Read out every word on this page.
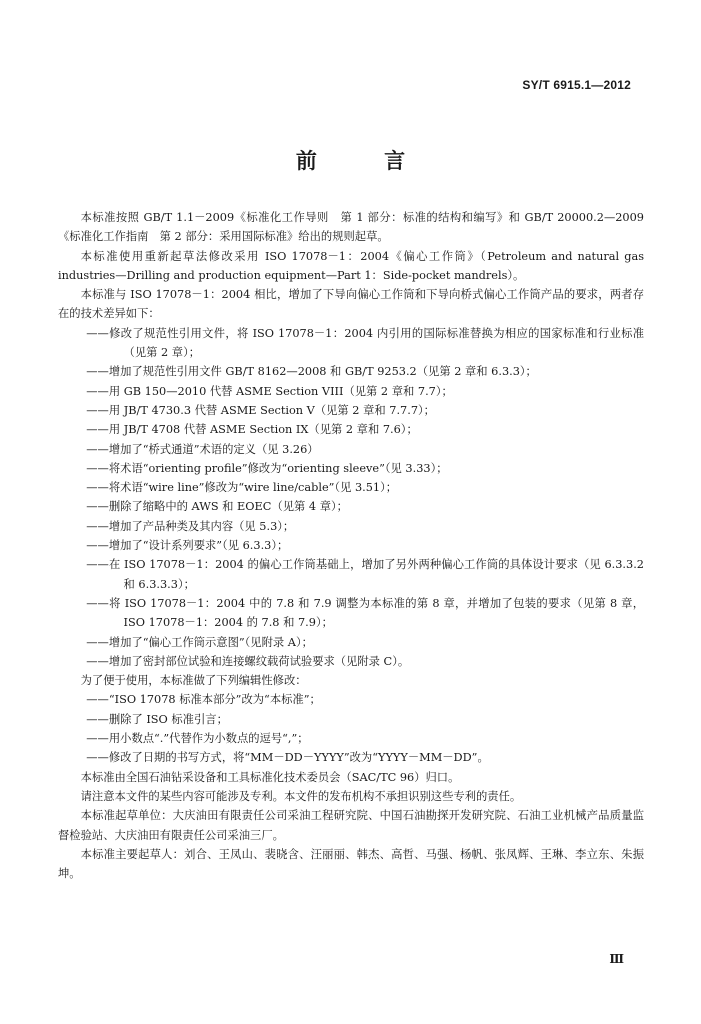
SY/T 6915.1—2012
前 言

本标准按照 GB/T 1.1－2009《标准化工作导则　第 1 部分：标准的结构和编写》和 GB/T 20000.2—2009《标准化工作指南　第 2 部分：采用国际标准》给出的规则起草。

本标准使用重新起草法修改采用 ISO 17078－1：2004《偏心工作筒》（Petroleum and natural gas industries—Drilling and production equipment—Part 1：Side-pocket mandrels）。

本标准与 ISO 17078－1：2004 相比，增加了下导向偏心工作筒和下导向桥式偏心工作筒产品的要求，两者存在的技术差异如下：

——修改了规范性引用文件，将 ISO 17078－1：2004 内引用的国际标准替换为相应的国家标准和行业标准（见第 2 章）；

——增加了规范性引用文件 GB/T 8162—2008 和 GB/T 9253.2（见第 2 章和 6.3.3）；

——用 GB 150—2010 代替 ASME Section VIII（见第 2 章和 7.7）；

——用 JB/T 4730.3 代替 ASME Section V（见第 2 章和 7.7.7）；

——用 JB/T 4708 代替 ASME Section IX（见第 2 章和 7.6）；

——增加了“桥式通道”术语的定义（见 3.26）

——将术语“orienting profile”修改为“orienting sleeve”（见 3.33）；

——将术语“wire line”修改为“wire line/cable”（见 3.51）；

——删除了缩略中的 AWS 和 EOEC（见第 4 章）；

——增加了产品种类及其内容（见 5.3）；

——增加了“设计系列要求”（见 6.3.3）；

——在 ISO 17078－1：2004 的偏心工作筒基础上，增加了另外两种偏心工作筒的具体设计要求（见 6.3.3.2 和 6.3.3.3）；

——将 ISO 17078－1：2004 中的 7.8 和 7.9 调整为本标准的第 8 章，并增加了包装的要求（见第 8 章，ISO 17078－1：2004 的 7.8 和 7.9）；

——增加了“偏心工作筒示意图”（见附录 A）；

——增加了密封部位试验和连接螺纹载荷试验要求（见附录 C）。

为了便于使用，本标准做了下列编辑性修改：

——“ISO 17078 标准本部分”改为“本标准”；

——删除了 ISO 标准引言；

——用小数点“.”代替作为小数点的逗号“,”；

——修改了日期的书写方式，将“MM－DD－YYYY”改为“YYYY－MM－DD”。

本标准由全国石油钻采设备和工具标准化技术委员会（SAC/TC 96）归口。

请注意本文件的某些内容可能涉及专利。本文件的发布机构不承担识别这些专利的责任。

本标准起草单位：大庆油田有限责任公司采油工程研究院、中国石油勘探开发研究院、石油工业机械产品质量监督检验站、大庆油田有限责任公司采油三厂。

本标准主要起草人：刘合、王凤山、裴晓含、汪丽丽、韩杰、高哲、马强、杨帆、张凤辉、王琳、李立东、朱振坤。

Ⅲ
